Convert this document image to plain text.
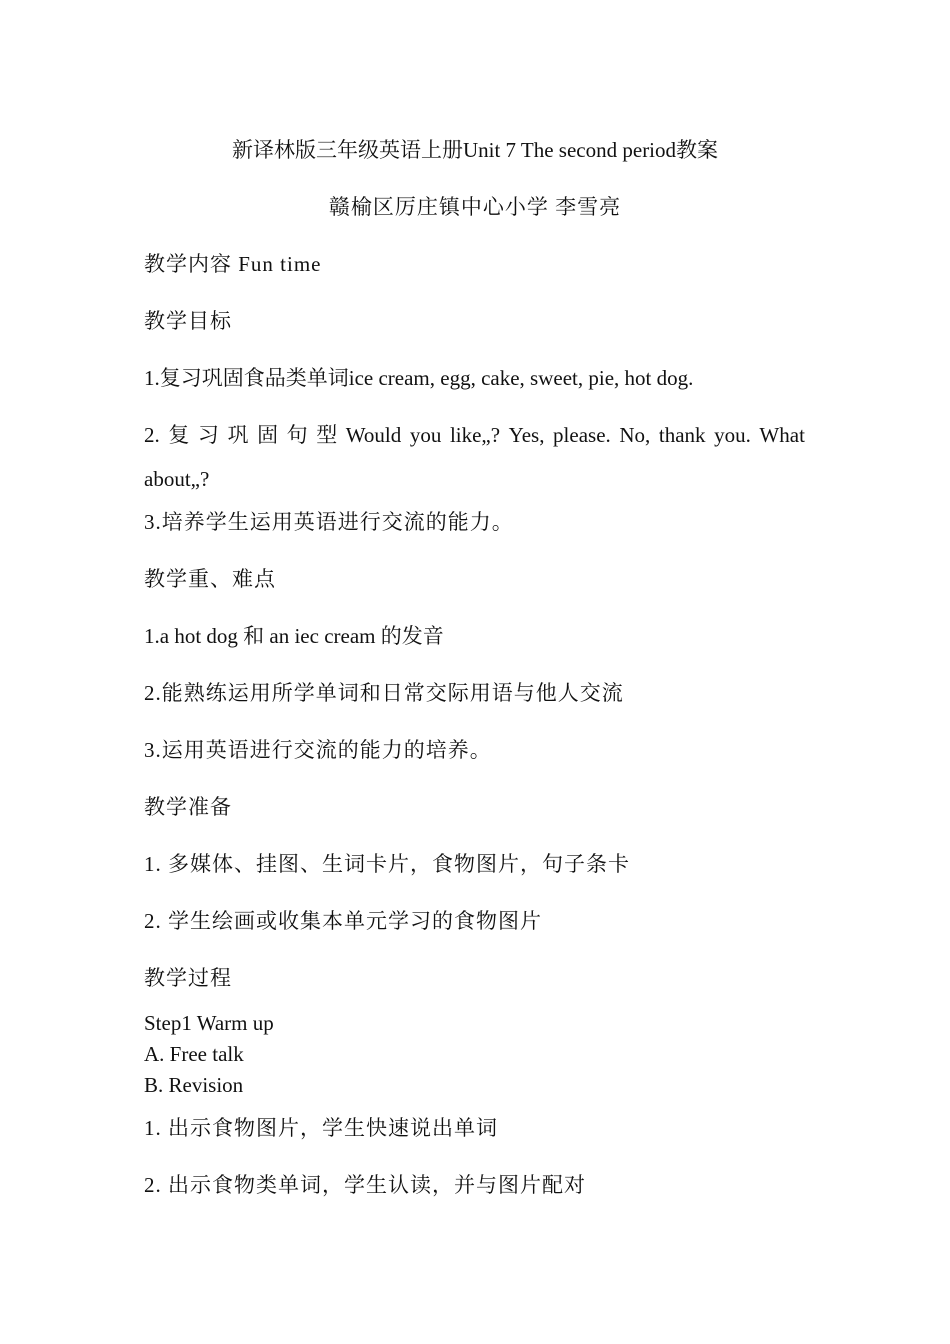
新译林版三年级英语上册Unit 7 The second period教案
赣榆区厉庄镇中心小学 李雪亮
教学内容 Fun time
教学目标
1.复习巩固食品类单词ice cream, egg, cake, sweet, pie, hot dog.
2. 复 习 巩 固 句 型 Would you like„? Yes, please. No, thank you. What
about„?
3.培养学生运用英语进行交流的能力。
教学重、难点
1.a hot dog 和 an iec cream 的发音
2.能熟练运用所学单词和日常交际用语与他人交流
3.运用英语进行交流的能力的培养。
教学准备
1. 多媒体、挂图、生词卡片，食物图片，句子条卡
2. 学生绘画或收集本单元学习的食物图片
教学过程
Step1 Warm up
A. Free talk
B. Revision
1. 出示食物图片，学生快速说出单词
2. 出示食物类单词，学生认读，并与图片配对
